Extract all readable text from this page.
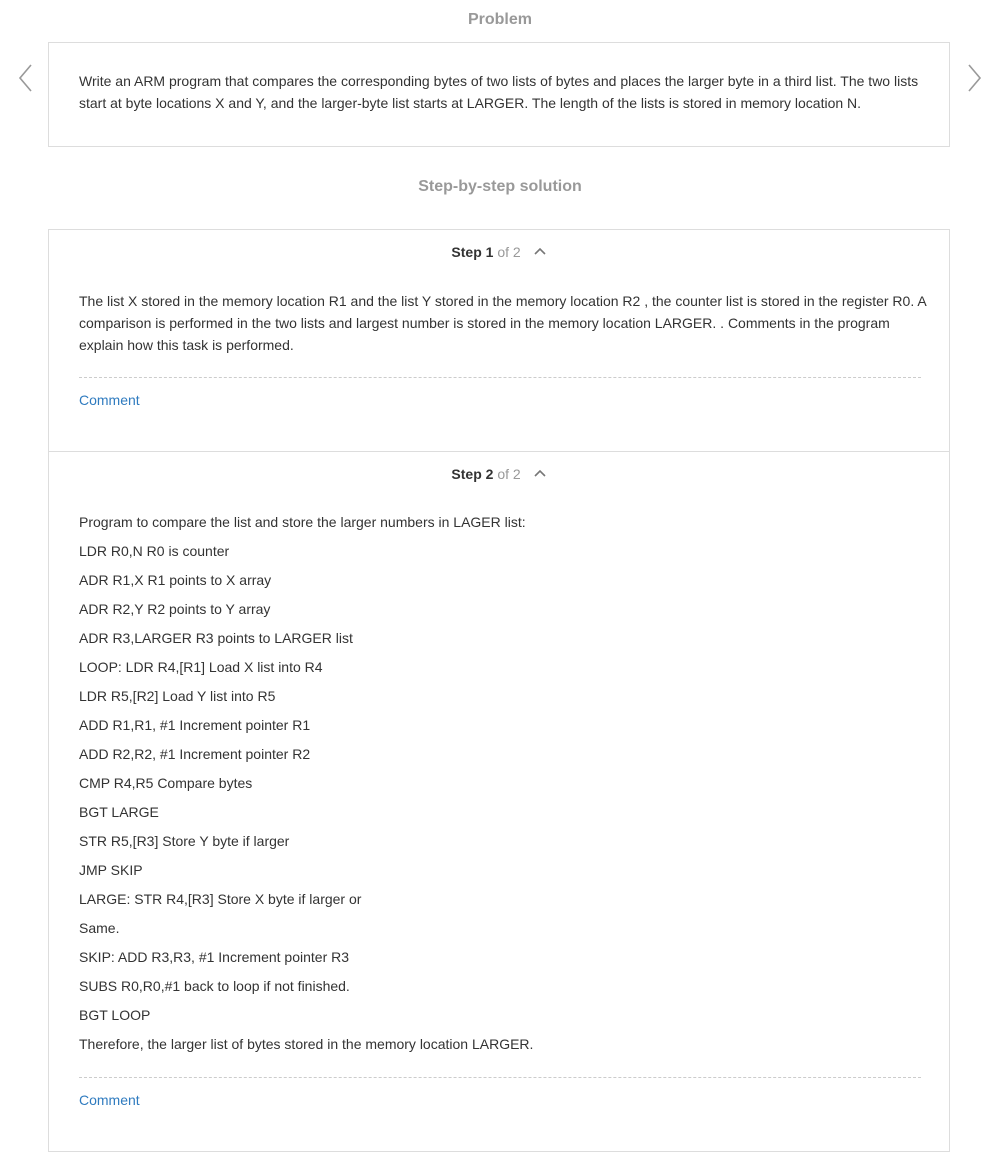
Problem
Write an ARM program that compares the corresponding bytes of two lists of bytes and places the larger byte in a third list. The two lists start at byte locations X and Y, and the larger-byte list starts at LARGER. The length of the lists is stored in memory location N.
Step-by-step solution
Step 1 of 2
The list X stored in the memory location R1 and the list Y stored in the memory location R2 , the counter list is stored in the register R0. A comparison is performed in the two lists and largest number is stored in the memory location LARGER. . Comments in the program explain how this task is performed.
Comment
Step 2 of 2
Program to compare the list and store the larger numbers in LAGER list:
LDR R0,N R0 is counter
ADR R1,X R1 points to X array
ADR R2,Y R2 points to Y array
ADR R3,LARGER R3 points to LARGER list
LOOP: LDR R4,[R1] Load X list into R4
LDR R5,[R2] Load Y list into R5
ADD R1,R1, #1 Increment pointer R1
ADD R2,R2, #1 Increment pointer R2
CMP R4,R5 Compare bytes
BGT LARGE
STR R5,[R3] Store Y byte if larger
JMP SKIP
LARGE: STR R4,[R3] Store X byte if larger or
Same.
SKIP: ADD R3,R3, #1 Increment pointer R3
SUBS R0,R0,#1 back to loop if not finished.
BGT LOOP
Therefore, the larger list of bytes stored in the memory location LARGER.
Comment
